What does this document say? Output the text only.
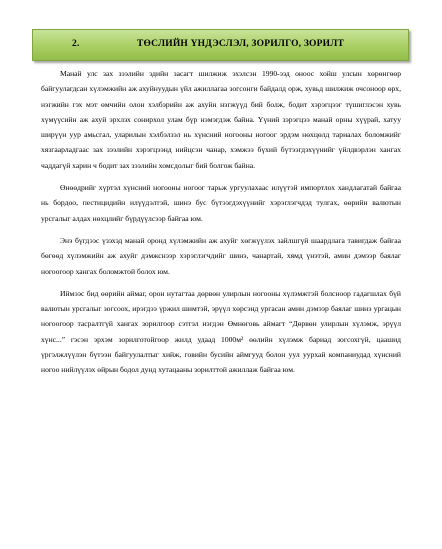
2.	ТӨСЛИЙН ҮНДЭСЛЭЛ, ЗОРИЛГО, ЗОРИЛТ

Манай улс зах зээлийн эдийн засагт шилжиж эхэлсэн 1990-ээд оноос хойш улсын хөрөнгөөр байгуулагдсан хүлэмжийн аж ахуйнуудын үйл ажиллагаа зогсонги байдалд орж, хувьд шилжиж очсоноор өрх, нэгжийн гэх мэт өмчийн олон хэлбэрийн аж ахуйн нэгжүүд бий болж, бодит хэрэгцээг түшиглэсэн хувь хүмүүсийн аж ахуй эрхлэх сонирхол улам бүр нэмэгдэж байна. Үүний зэрэгцээ манай орны хүүрай, хатуу ширүүн уур амьсгал, уларилын хэлбэлзэл нь хүнсний ногооны ногоог эрдэм нөхцөлд тариалах боломжийг хязгаарладгаас зах зээлийн хэрэгцээнд нийцсэн чанар, хэмжээ бүхий бүтээгдэхүүнийг үйлдвэрлэн хангах чаддагүй харин ч бодит зах зээлийн хомсдолыг бий болгож байна.

Өнөөдрийг хүртэл хүнсний ногооны ногоог тарьж ургуулахаас илүүтэй импортлох хандлагатай байгаа нь бордоо, пестицидийн илүүдэлтэй, шинэ бус бүтээгдэхүүнийг хэрэглэгчдэд тулгах, өөрийн валютын урсгалыг алдах нөхцлийг бүрдүүлсээр байгаа юм.

Энэ бүгдээс үзэхэд манай оронд хүлэмжийн аж ахуйг хөгжүүлэх зайлшгүй шаардлага тавигдаж байгаа бөгөөд хүлэмжийн аж ахуйг дэмжснээр хэрэглэгчдийг шинэ, чанартай, хямд үнэтэй, амин дэмээр баялаг ногоогоор хангах боломжтой болох юм.

Иймээс бид өөрийн аймаг, орон нутагтаа дөрвөн улирлын ногооны хүлэмжтэй болсноор гадагшлах бүй валютын урсгалыг зогсоох, ирэгдээ үржил шимтэй, эрүүл хөрсэнд ургасан амин дэмээр баялаг шинэ ургацын ногоогоор тасралтгүй хангах зорилгоор сэтгэл нэгдэн Өмнөговь аймагт “Дөрвөн улирлын хүлэмж, эрүүл хүнс...” гэсэн эрхэм зорилготойгоор жилд удаад 1000м² өөлийн хүлэмж бариад зогсохгүй, цаашид үргэлжлүүлэн бүтээн байгуулалтыг хийж, говийн бусийн аймгууд болон уул уурхай компаниудад хүнсний ногоо нийлүүлэх өйрын бодол дунд хутацааны зорилттой ажиллаж байгаа юм.
